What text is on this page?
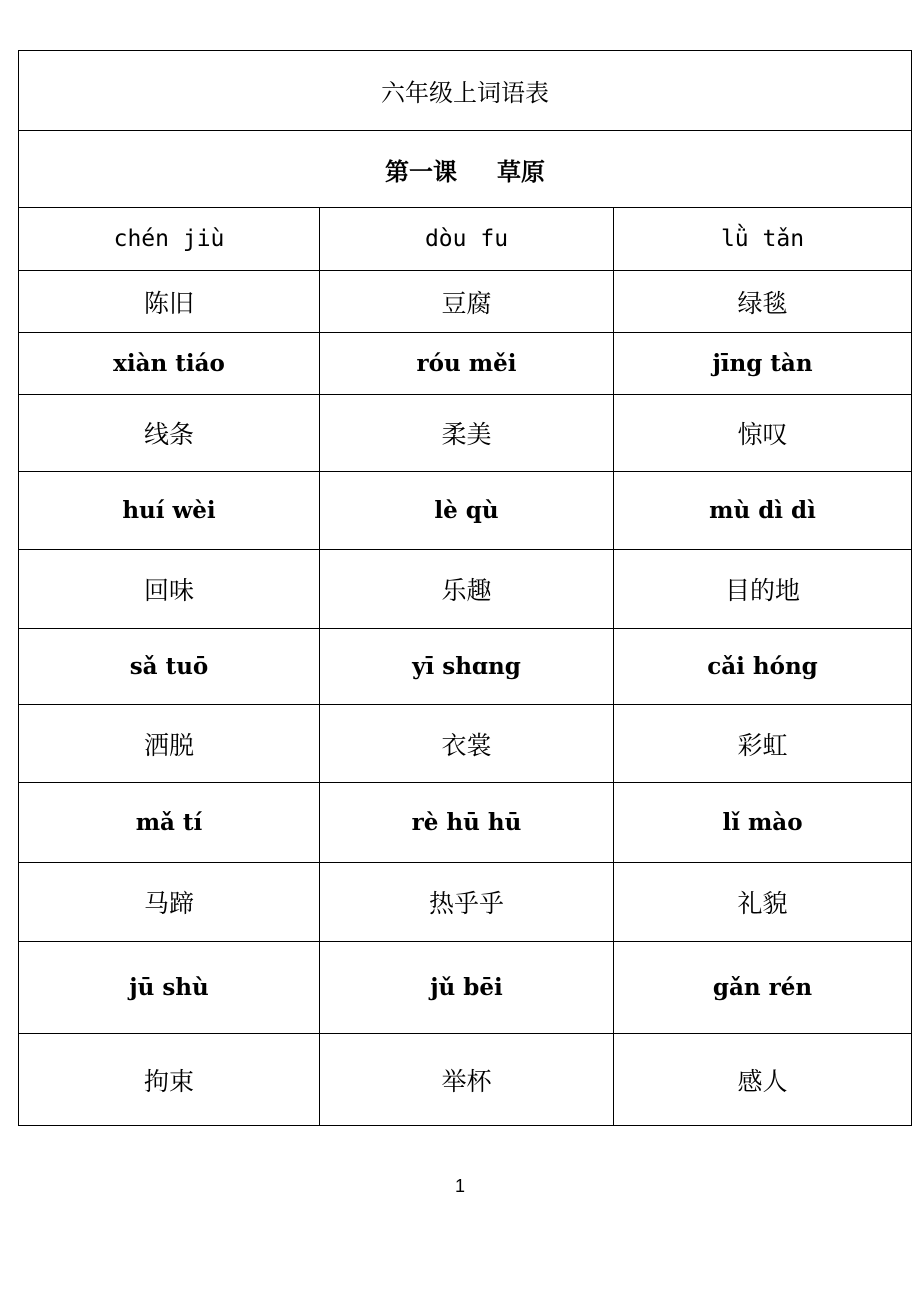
六年级上词语表		
第一课 草原		
chén jiù	dòu fu	lǜ tǎn
陈旧	豆腐	绿毯
xiàn tiáo	róu měi	jīng tàn
线条	柔美	惊叹
huí wèi	lè qù	mù dì dì
回味	乐趣	目的地
sǎ tuō	yī shɑng	cǎi hóng
洒脱	衣裳	彩虹
mǎ tí	rè hū hū	lǐ mào
马蹄	热乎乎	礼貌
jū shù	jǔ bēi	gǎn rén
拘束	举杯	感人
1
